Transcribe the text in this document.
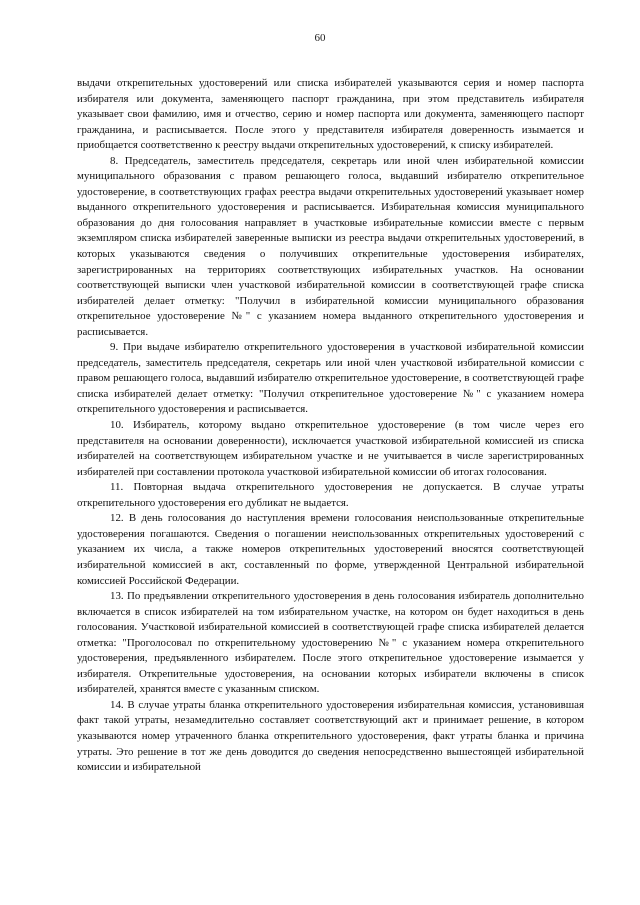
60

выдачи открепительных удостоверений или списка избирателей указываются серия и номер паспорта избирателя или документа, заменяющего паспорт гражданина, при этом представитель избирателя указывает свои фамилию, имя и отчество, серию и номер паспорта или документа, заменяющего паспорт гражданина, и расписывается. После этого у представителя избирателя доверенность изымается и приобщается соответственно к реестру выдачи открепительных удостоверений, к списку избирателей.

8. Председатель, заместитель председателя, секретарь или иной член избирательной комиссии муниципального образования с правом решающего голоса, выдавший избирателю открепительное удостоверение, в соответствующих графах реестра выдачи открепительных удостоверений указывает номер выданного открепительного удостоверения и расписывается. Избирательная комиссия муниципального образования до дня голосования направляет в участковые избирательные комиссии вместе с первым экземпляром списка избирателей заверенные выписки из реестра выдачи открепительных удостоверений, в которых указываются сведения о получивших открепительные удостоверения избирателях, зарегистрированных на территориях соответствующих избирательных участков. На основании соответствующей выписки член участковой избирательной комиссии в соответствующей графе списка избирателей делает отметку: "Получил в избирательной комиссии муниципального образования открепительное удостоверение №" с указанием номера выданного открепительного удостоверения и расписывается.

9. При выдаче избирателю открепительного удостоверения в участковой избирательной комиссии председатель, заместитель председателя, секретарь или иной член участковой избирательной комиссии с правом решающего голоса, выдавший избирателю открепительное удостоверение, в соответствующей графе списка избирателей делает отметку: "Получил открепительное удостоверение №" с указанием номера открепительного удостоверения и расписывается.

10. Избиратель, которому выдано открепительное удостоверение (в том числе через его представителя на основании доверенности), исключается участковой избирательной комиссией из списка избирателей на соответствующем избирательном участке и не учитывается в числе зарегистрированных избирателей при составлении протокола участковой избирательной комиссии об итогах голосования.

11. Повторная выдача открепительного удостоверения не допускается. В случае утраты открепительного удостоверения его дубликат не выдается.

12. В день голосования до наступления времени голосования неиспользованные открепительные удостоверения погашаются. Сведения о погашении неиспользованных открепительных удостоверений с указанием их числа, а также номеров открепительных удостоверений вносятся соответствующей избирательной комиссией в акт, составленный по форме, утвержденной Центральной избирательной комиссией Российской Федерации.

13. По предъявлении открепительного удостоверения в день голосования избиратель дополнительно включается в список избирателей на том избирательном участке, на котором он будет находиться в день голосования. Участковой избирательной комиссией в соответствующей графе списка избирателей делается отметка: "Проголосовал по открепительному удостоверению №" с указанием номера открепительного удостоверения, предъявленного избирателем. После этого открепительное удостоверение изымается у избирателя. Открепительные удостоверения, на основании которых избиратели включены в список избирателей, хранятся вместе с указанным списком.

14. В случае утраты бланка открепительного удостоверения избирательная комиссия, установившая факт такой утраты, незамедлительно составляет соответствующий акт и принимает решение, в котором указываются номер утраченного бланка открепительного удостоверения, факт утраты бланка и причина утраты. Это решение в тот же день доводится до сведения непосредственно вышестоящей избирательной комиссии и избирательной
